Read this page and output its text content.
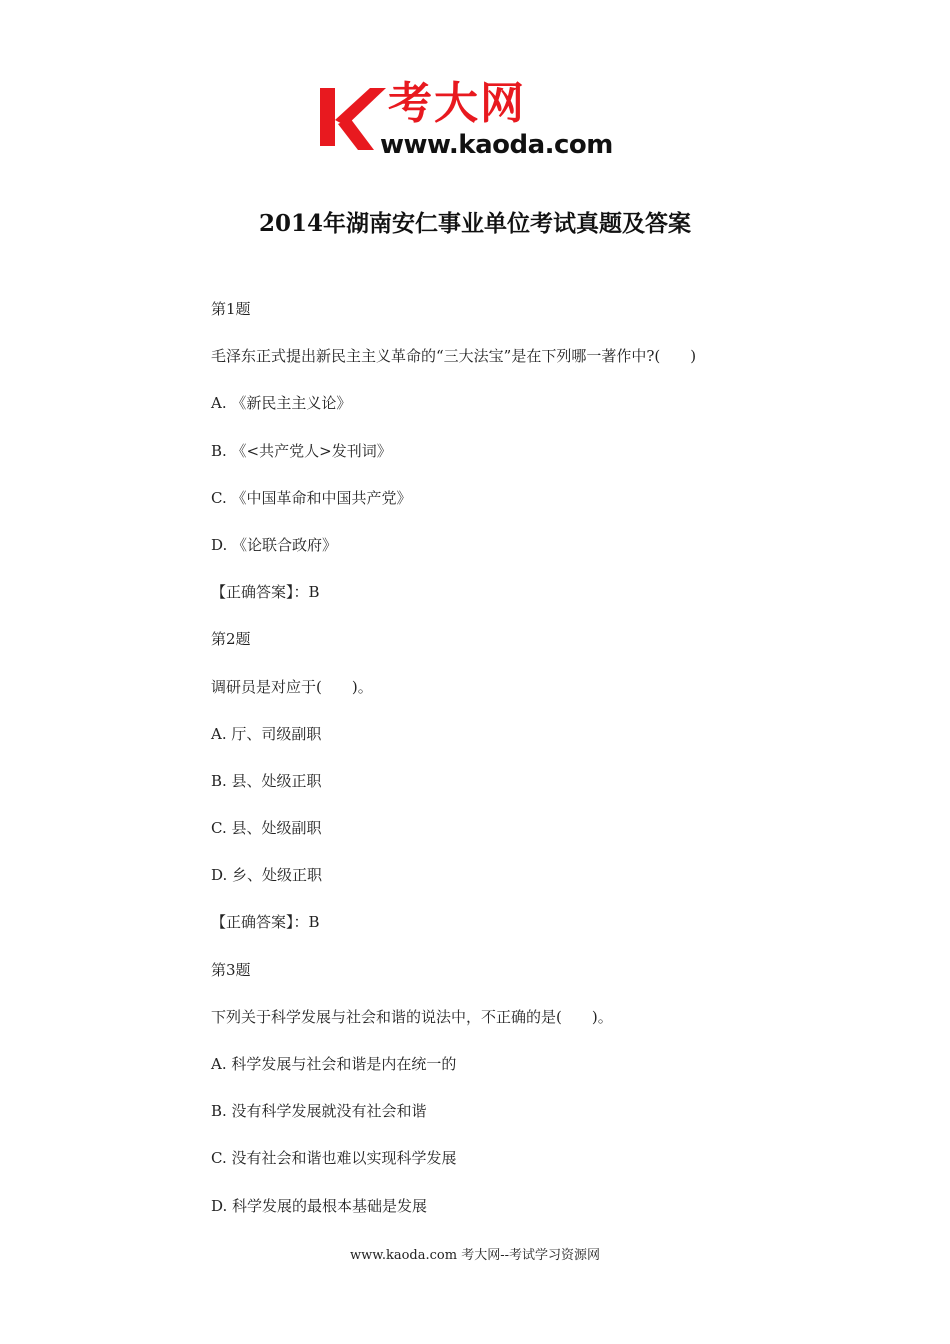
考大网
www.kaoda.com
2014年湖南安仁事业单位考试真题及答案
第1题
毛泽东正式提出新民主主义革命的“三大法宝”是在下列哪一著作中?(　　)
A. 《新民主主义论》
B. 《<共产党人>发刊词》
C. 《中国革命和中国共产党》
D. 《论联合政府》
【正确答案】：B
第2题
调研员是对应于(　　)。
A. 厅、司级副职
B. 县、处级正职
C. 县、处级副职
D. 乡、处级正职
【正确答案】：B
第3题
下列关于科学发展与社会和谐的说法中，不正确的是(　　)。
A. 科学发展与社会和谐是内在统一的
B. 没有科学发展就没有社会和谐
C. 没有社会和谐也难以实现科学发展
D. 科学发展的最根本基础是发展
www.kaoda.com 考大网--考试学习资源网
